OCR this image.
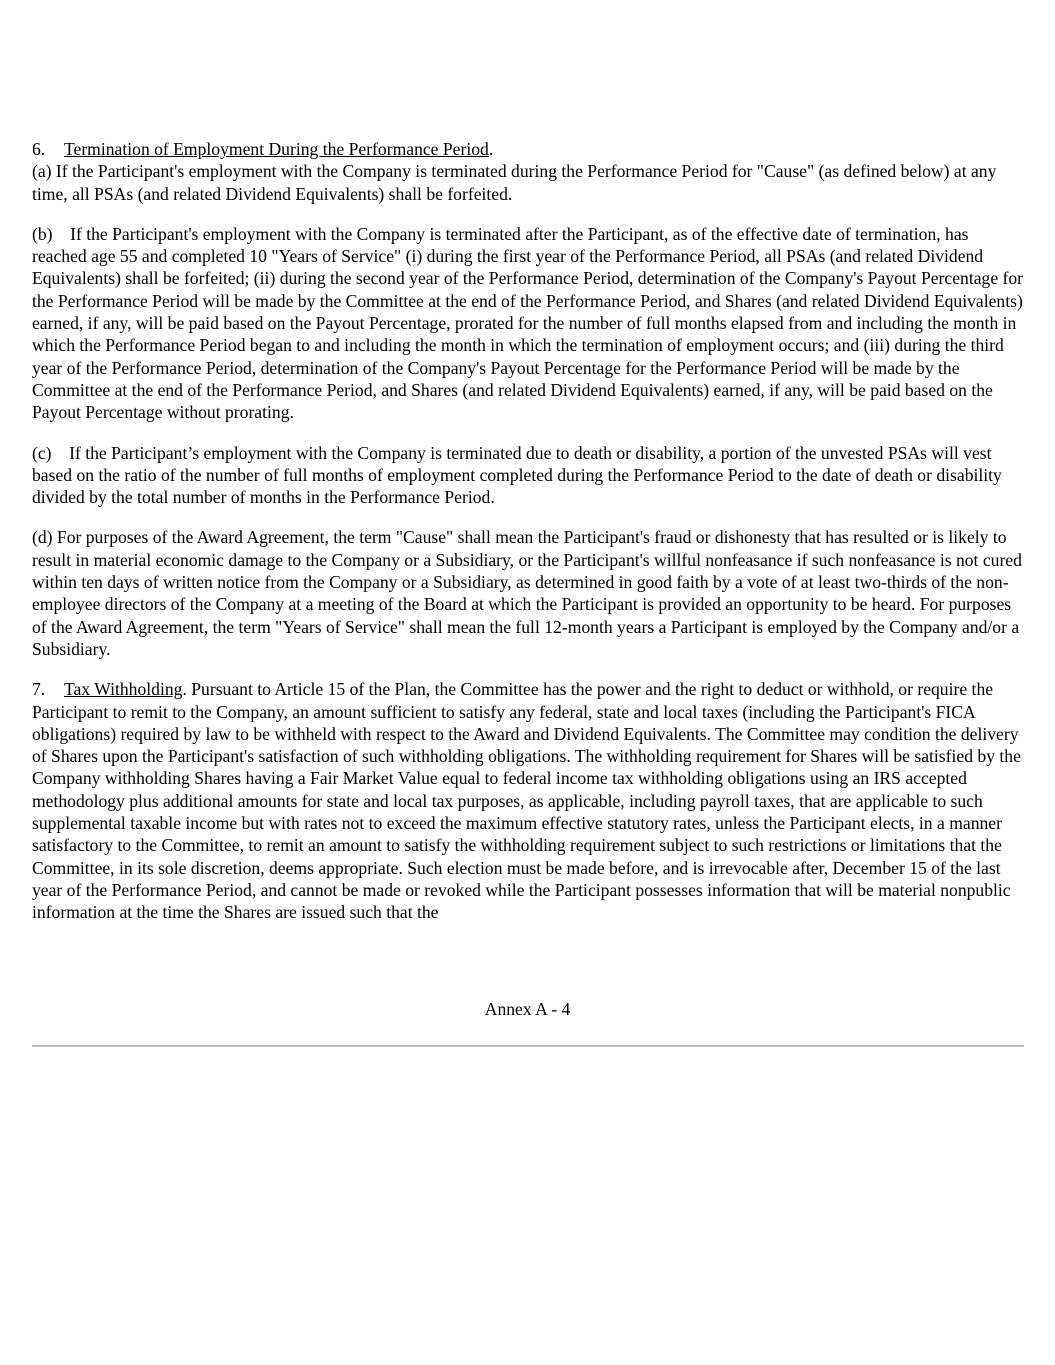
6. Termination of Employment During the Performance Period.

(a) If the Participant's employment with the Company is terminated during the Performance Period for "Cause" (as defined below) at any time, all PSAs (and related Dividend Equivalents) shall be forfeited.

(b)    If the Participant's employment with the Company is terminated after the Participant, as of the effective date of termination, has reached age 55 and completed 10 "Years of Service" (i) during the first year of the Performance Period, all PSAs (and related Dividend Equivalents) shall be forfeited; (ii) during the second year of the Performance Period, determination of the Company's Payout Percentage for the Performance Period will be made by the Committee at the end of the Performance Period, and Shares (and related Dividend Equivalents) earned, if any, will be paid based on the Payout Percentage, prorated for the number of full months elapsed from and including the month in which the Performance Period began to and including the month in which the termination of employment occurs; and (iii) during the third year of the Performance Period, determination of the Company's Payout Percentage for the Performance Period will be made by the Committee at the end of the Performance Period, and Shares (and related Dividend Equivalents) earned, if any, will be paid based on the Payout Percentage without prorating.

(c)    If the Participant’s employment with the Company is terminated due to death or disability, a portion of the unvested PSAs will vest based on the ratio of the number of full months of employment completed during the Performance Period to the date of death or disability divided by the total number of months in the Performance Period.

(d) For purposes of the Award Agreement, the term "Cause" shall mean the Participant's fraud or dishonesty that has resulted or is likely to result in material economic damage to the Company or a Subsidiary, or the Participant's willful nonfeasance if such nonfeasance is not cured within ten days of written notice from the Company or a Subsidiary, as determined in good faith by a vote of at least two-thirds of the non-employee directors of the Company at a meeting of the Board at which the Participant is provided an opportunity to be heard. For purposes of the Award Agreement, the term "Years of Service" shall mean the full 12-month years a Participant is employed by the Company and/or a Subsidiary.

7. Tax Withholding. Pursuant to Article 15 of the Plan, the Committee has the power and the right to deduct or withhold, or require the Participant to remit to the Company, an amount sufficient to satisfy any federal, state and local taxes (including the Participant's FICA obligations) required by law to be withheld with respect to the Award and Dividend Equivalents. The Committee may condition the delivery of Shares upon the Participant's satisfaction of such withholding obligations. The withholding requirement for Shares will be satisfied by the Company withholding Shares having a Fair Market Value equal to federal income tax withholding obligations using an IRS accepted methodology plus additional amounts for state and local tax purposes, as applicable, including payroll taxes, that are applicable to such supplemental taxable income but with rates not to exceed the maximum effective statutory rates, unless the Participant elects, in a manner satisfactory to the Committee, to remit an amount to satisfy the withholding requirement subject to such restrictions or limitations that the Committee, in its sole discretion, deems appropriate. Such election must be made before, and is irrevocable after, December 15 of the last year of the Performance Period, and cannot be made or revoked while the Participant possesses information that will be material nonpublic information at the time the Shares are issued such that the

Annex A - 4
